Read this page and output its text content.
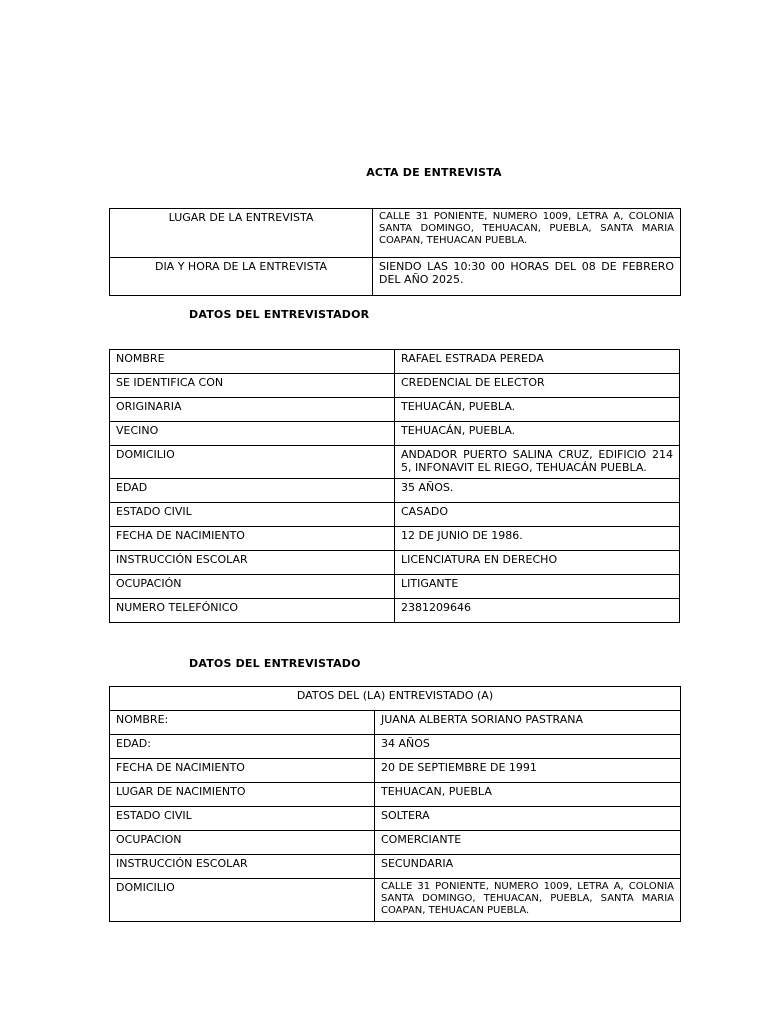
ACTA DE ENTREVISTA
LUGAR DE LA ENTREVISTA	CALLE 31 PONIENTE, NUMERO 1009, LETRA A, COLONIA SANTA DOMINGO, TEHUACAN, PUEBLA, SANTA MARIA COAPAN, TEHUACAN PUEBLA.
DIA Y HORA DE LA ENTREVISTA	SIENDO LAS 10:30 00 HORAS DEL 08 DE FEBRERO DEL AÑO 2025.
DATOS DEL ENTREVISTADOR
NOMBRE	RAFAEL ESTRADA PEREDA
SE IDENTIFICA CON	CREDENCIAL DE ELECTOR
ORIGINARIA	TEHUACÁN, PUEBLA.
VECINO	TEHUACÁN, PUEBLA.
DOMICILIO	ANDADOR PUERTO SALINA CRUZ, EDIFICIO 214 5, INFONAVIT EL RIEGO, TEHUACÁN PUEBLA.
EDAD	35 AÑOS.
ESTADO CIVIL	CASADO
FECHA DE NACIMIENTO	12 DE JUNIO DE 1986.
INSTRUCCIÓN ESCOLAR	LICENCIATURA EN DERECHO
OCUPACIÓN	LITIGANTE
NUMERO TELEFÓNICO	2381209646
DATOS DEL ENTREVISTADO
DATOS DEL (LA) ENTREVISTADO (A)	
NOMBRE:	JUANA ALBERTA SORIANO PASTRANA
EDAD:	34 AÑOS
FECHA DE NACIMIENTO	20 DE SEPTIEMBRE DE 1991
LUGAR DE NACIMIENTO	TEHUACAN, PUEBLA
ESTADO CIVIL	SOLTERA
OCUPACION	COMERCIANTE
INSTRUCCIÓN ESCOLAR	SECUNDARIA
DOMICILIO	CALLE 31 PONIENTE, NUMERO 1009, LETRA A, COLONIA SANTA DOMINGO, TEHUACAN, PUEBLA, SANTA MARIA COAPAN, TEHUACAN PUEBLA.
